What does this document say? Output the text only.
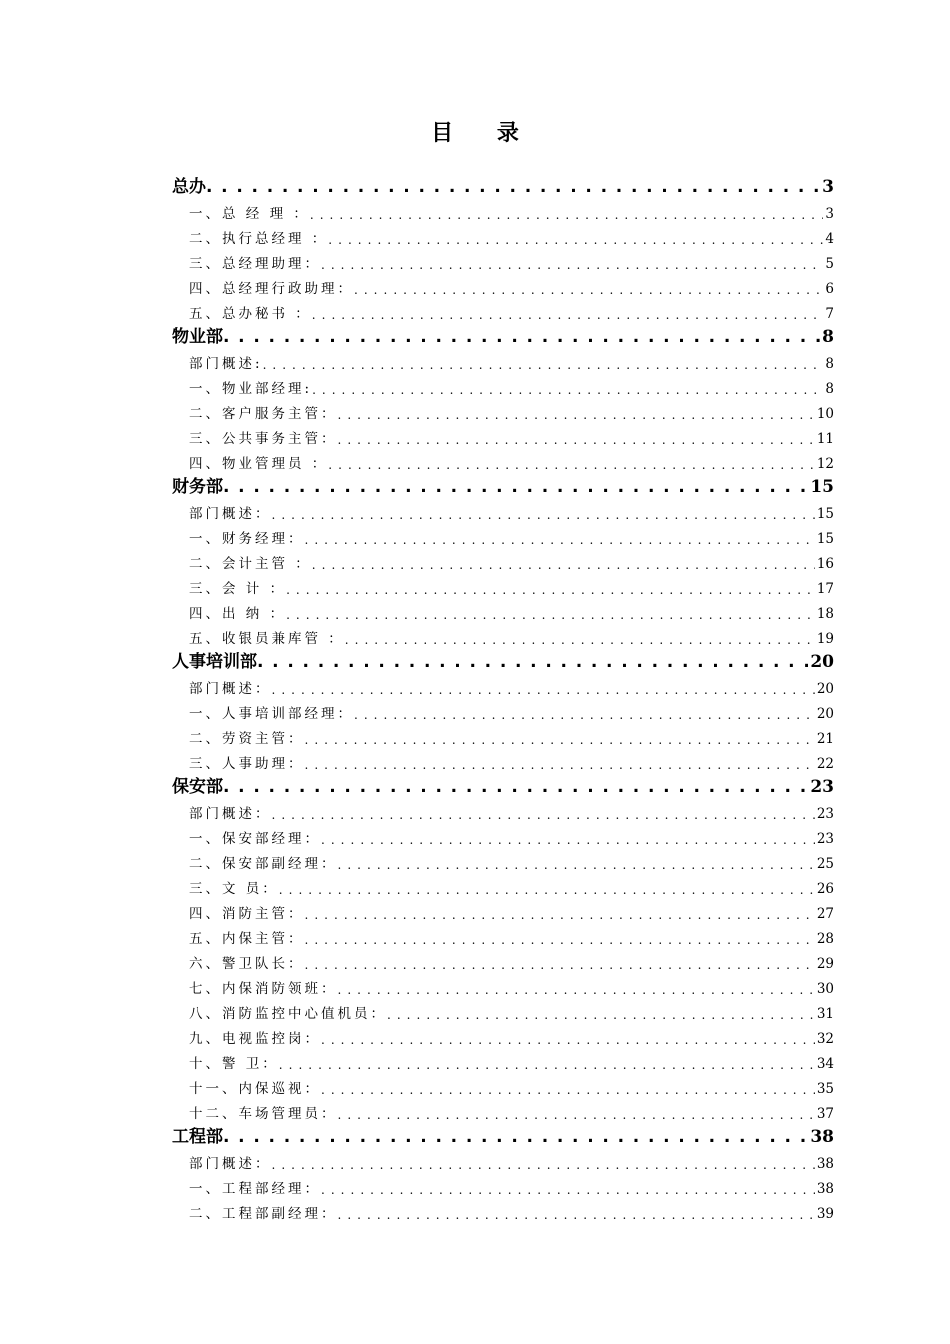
目 录
总办 . . .	3
一、总 经 理 ： . . .	3
二、执行总经理 ： . . .	4
三、总经理助理： . . .	5
四、总经理行政助理： . . .	6
五、总办秘书 ： . . .	7
物业部 . . .	8
部门概述: . . .	8
一、物业部经理: . . .	8
二、客户服务主管： . . .	10
三、公共事务主管： . . .	11
四、物业管理员 ： . . .	12
财务部 . . .	15
部门概述： . . .	15
一、财务经理： . . .	15
二、会计主管 ： . . .	16
三、会 计 ： . . .	17
四、出 纳 ： . . .	18
五、收银员兼库管 ： . . .	19
人事培训部 . . .	20
部门概述： . . .	20
一、人事培训部经理： . . .	20
二、劳资主管： . . .	21
三、人事助理： . . .	22
保安部 . . .	23
部门概述： . . .	23
一、保安部经理： . . .	23
二、保安部副经理： . . .	25
三、文 员： . . .	26
四、消防主管： . . .	27
五、内保主管： . . .	28
六、警卫队长： . . .	29
七、内保消防领班： . . .	30
八、消防监控中心值机员： . . .	31
九、电视监控岗： . . .	32
十、警 卫： . . .	34
十一、内保巡视： . . .	35
十二、车场管理员： . . .	37
工程部 . . .	38
部门概述： . . .	38
一、工程部经理： . . .	38
二、工程部副经理： . . .	39
